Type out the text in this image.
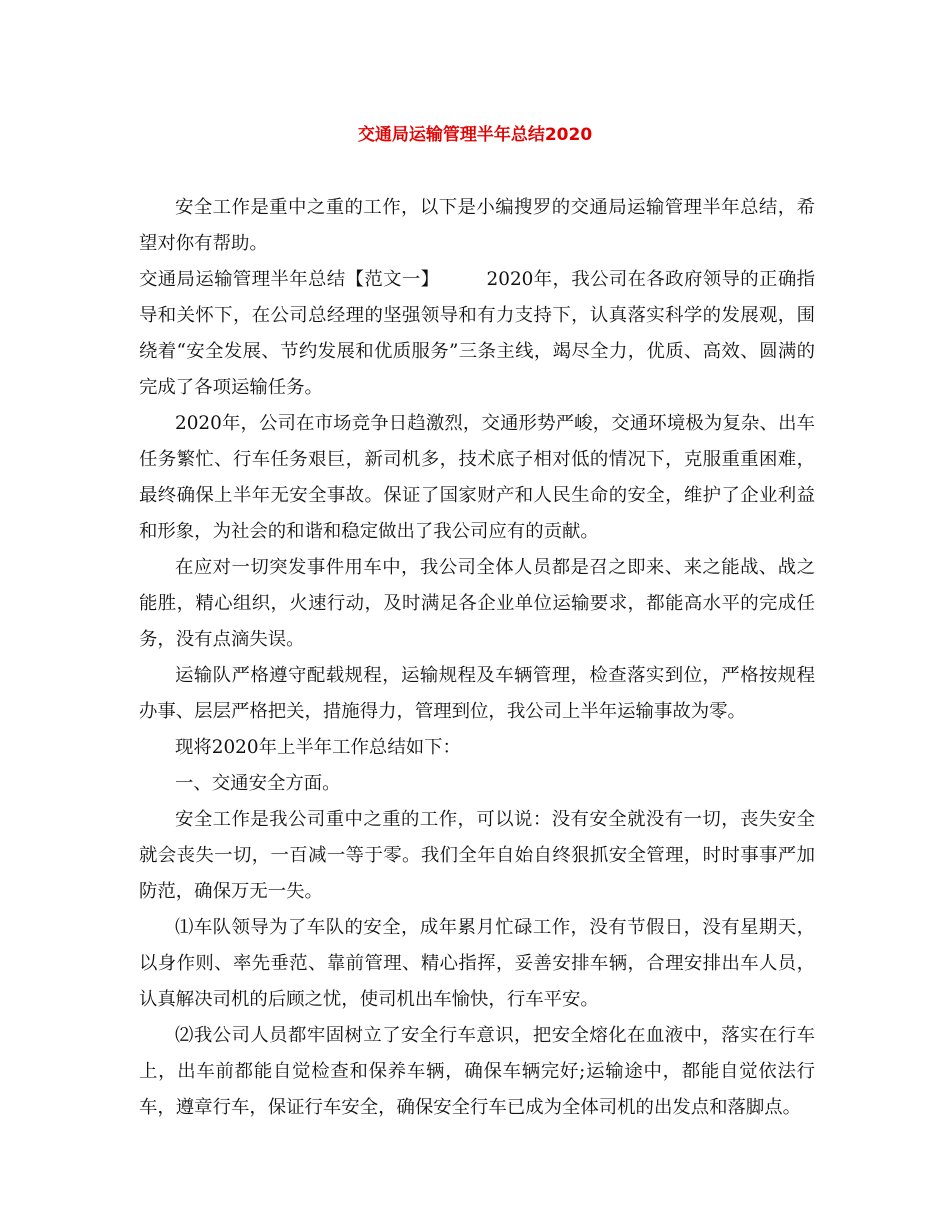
交通局运输管理半年总结2020

安全工作是重中之重的工作，以下是小编搜罗的交通局运输管理半年总结，希望对你有帮助。

交通局运输管理半年总结【范文一】　　　2020年，我公司在各政府领导的正确指导和关怀下，在公司总经理的坚强领导和有力支持下，认真落实科学的发展观，围绕着“安全发展、节约发展和优质服务”三条主线，竭尽全力，优质、高效、圆满的完成了各项运输任务。

2020年，公司在市场竞争日趋激烈，交通形势严峻，交通环境极为复杂、出车任务繁忙、行车任务艰巨，新司机多，技术底子相对低的情况下，克服重重困难，最终确保上半年无安全事故。保证了国家财产和人民生命的安全，维护了企业利益和形象，为社会的和谐和稳定做出了我公司应有的贡献。

在应对一切突发事件用车中，我公司全体人员都是召之即来、来之能战、战之能胜，精心组织，火速行动，及时满足各企业单位运输要求，都能高水平的完成任务，没有点滴失误。

运输队严格遵守配载规程，运输规程及车辆管理，检查落实到位，严格按规程办事、层层严格把关，措施得力，管理到位，我公司上半年运输事故为零。

现将2020年上半年工作总结如下：

一、交通安全方面。

安全工作是我公司重中之重的工作，可以说：没有安全就没有一切，丧失安全就会丧失一切，一百减一等于零。我们全年自始自终狠抓安全管理，时时事事严加防范，确保万无一失。

⑴车队领导为了车队的安全，成年累月忙碌工作，没有节假日，没有星期天，以身作则、率先垂范、靠前管理、精心指挥，妥善安排车辆，合理安排出车人员，认真解决司机的后顾之忧，使司机出车愉快，行车平安。

⑵我公司人员都牢固树立了安全行车意识，把安全熔化在血液中，落实在行车上，出车前都能自觉检查和保养车辆，确保车辆完好;运输途中，都能自觉依法行车，遵章行车，保证行车安全，确保安全行车已成为全体司机的出发点和落脚点。
